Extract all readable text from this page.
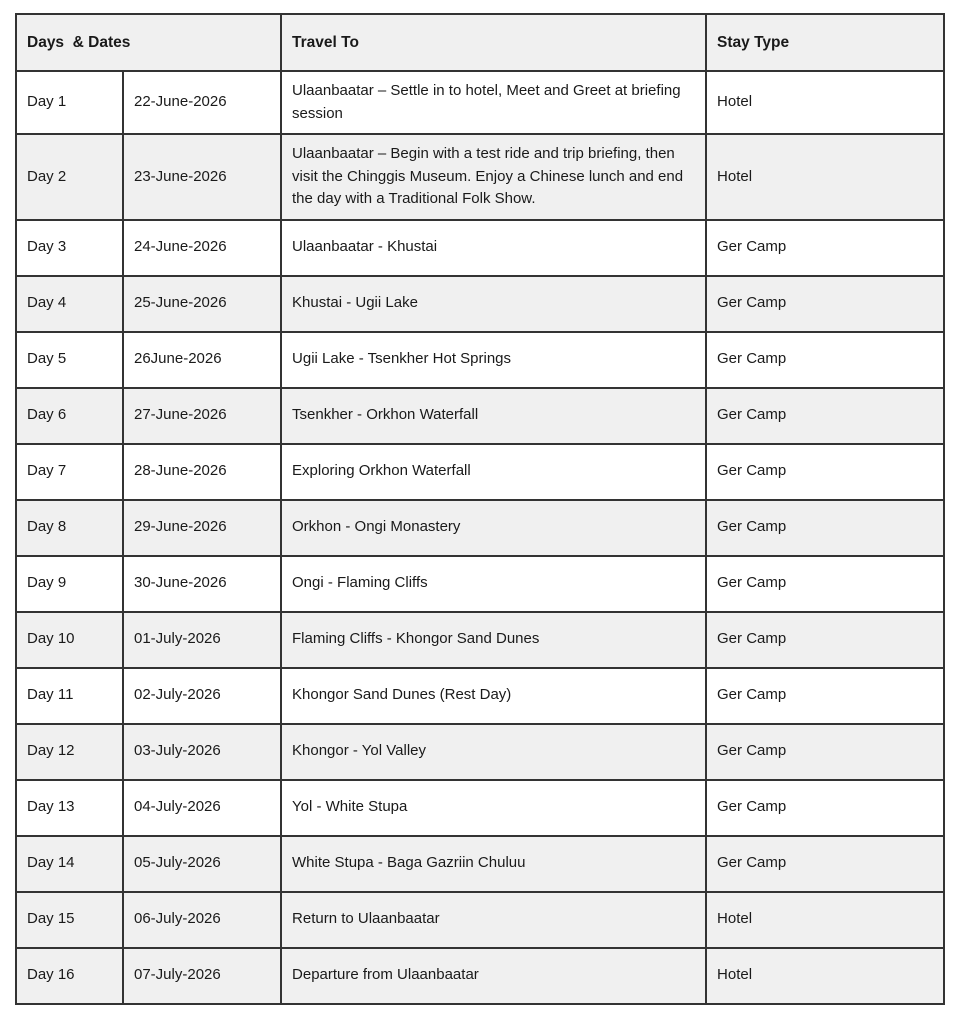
Days  & Dates		Travel To	Stay Type
Day 1	22-June-2026	Ulaanbaatar – Settle in to hotel, Meet and Greet at briefing session	Hotel
Day 2	23-June-2026	Ulaanbaatar – Begin with a test ride and trip briefing, then visit the Chinggis Museum. Enjoy a Chinese lunch and end the day with a Traditional Folk Show.	Hotel
Day 3	24-June-2026	Ulaanbaatar - Khustai	Ger Camp
Day 4	25-June-2026	Khustai - Ugii Lake	Ger Camp
Day 5	26June-2026	Ugii Lake - Tsenkher Hot Springs	Ger Camp
Day 6	27-June-2026	Tsenkher - Orkhon Waterfall	Ger Camp
Day 7	28-June-2026	Exploring Orkhon Waterfall	Ger Camp
Day 8	29-June-2026	Orkhon - Ongi Monastery	Ger Camp
Day 9	30-June-2026	Ongi - Flaming Cliffs	Ger Camp
Day 10	01-July-2026	Flaming Cliffs - Khongor Sand Dunes	Ger Camp
Day 11	02-July-2026	Khongor Sand Dunes (Rest Day)	Ger Camp
Day 12	03-July-2026	Khongor - Yol Valley	Ger Camp
Day 13	04-July-2026	Yol - White Stupa	Ger Camp
Day 14	05-July-2026	White Stupa - Baga Gazriin Chuluu	Ger Camp
Day 15	06-July-2026	Return to Ulaanbaatar	Hotel
Day 16	07-July-2026	Departure from Ulaanbaatar	Hotel
